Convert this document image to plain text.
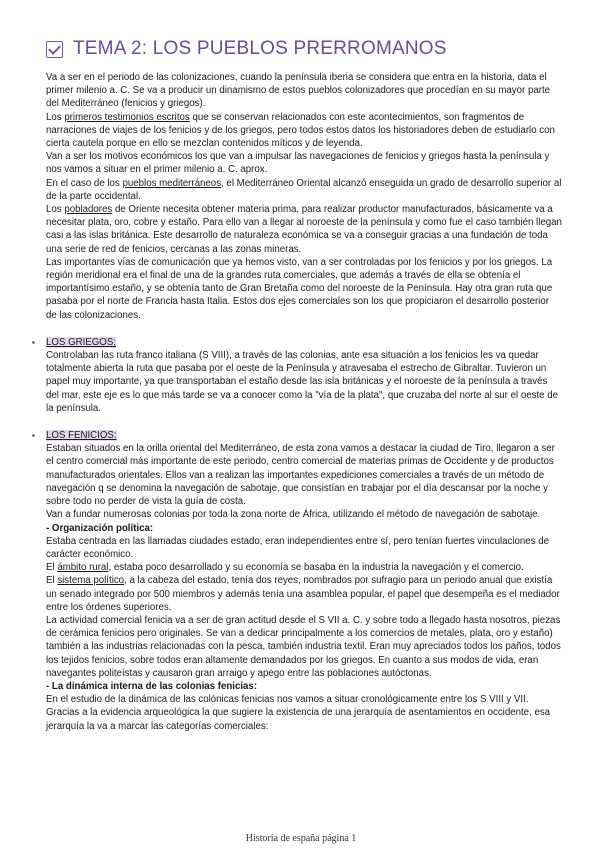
TEMA 2: LOS PUEBLOS PRERROMANOS

Va a ser en el periodo de las colonizaciones, cuando la península iberia se considera que entra en la historia, data el primer milenio a. C. Se va a producir un dinamismo de estos pueblos colonizadores que procedían en su mayor parte del Mediterráneo (fenicios y griegos).

Los primeros testimonios escritos que se conservan relacionados con este acontecimientos, son fragmentos de narraciones de viajes de los fenicios y de los griegos, pero todos estos datos los historiadores deben de estudiarlo con cierta cautela porque en ello se mezclan contenidos míticos y de leyenda.

Van a ser los motivos económicos los que van a impulsar las navegaciones de fenicios y griegos hasta la península y nos vamos a situar en el primer milenio a. C. aprox.

En el caso de los pueblos mediterráneos, el Mediterráneo Oriental alcanzó enseguida un grado de desarrollo superior al de la parte occidental.

Los pobladores de Oriente necesita obtener materia prima, para realizar productor manufacturados, básicamente va a necesitar plata, oro, cobre y estaño. Para ello van a llegar al noroeste de la península y como fue el caso también llegan casi a las islas británica. Este desarrollo de naturaleza económica se va a conseguir gracias a una fundación de toda una serie de red de fenicios, cercanas a las zonas mineras.

Las importantes vías de comunicación que ya hemos visto, van a ser controladas por los fenicios y por los griegos. La región meridional era el final de una de la grandes ruta comerciales, que además a través de ella se obtenía el importantísimo estaño, y se obtenía tanto de Gran Bretaña como del noroeste de la Península. Hay otra gran ruta que pasaba por el norte de Francia hasta Italia. Estos dos ejes comerciales son los que propiciaron el desarrollo posterior de las colonizaciones.

▪ LOS GRIEGOS:

Controlaban las ruta franco italiana (S VIII), a través de las colonias, ante esa situación a los fenicios les va quedar totalmente abierta la ruta que pasaba por el oeste de la Península y atravesaba el estrecho de Gibraltar. Tuvieron un papel muy importante, ya que transportaban el estaño desde las isla británicas y el noroeste de la península a través del mar, este eje es lo que más tarde se va a conocer como la "vía de la plata", que cruzaba del norte al sur el oeste de la península.

▪ LOS FENICIOS:

Estaban situados en la orilla oriental del Mediterráneo, de esta zona vamos a destacar la ciudad de Tiro, llegaron a ser el centro comercial más importante de este periodo, centro comercial de materias primas de Occidente y de productos manufacturados orientales. Ellos van a realizan las importantes expediciones comerciales a través de un método de navegación q se denomina la navegación de sabotaje, que consistían en trabajar por el día descansar por la noche y sobre todo no perder de vista la guía de costa.

Van a fundar numerosas colonias por toda la zona norte de África, utilizando el método de navegación de sabotaje.

- Organización política:

Estaba centrada en las llamadas ciudades estado, eran independientes entre sí, pero tenían fuertes vinculaciones de carácter económico.

El ámbito rural, estaba poco desarrollado y su economía se basaba en la industria la navegación y el comercio.

El sistema político, a la cabeza del estado, tenía dos reyes, nombrados por sufragio para un periodo anual que existía un senado integrado por 500 miembros y además tenía una asamblea popular, el papel que desempeña es el mediador entre los órdenes superiores.

La actividad comercial fenicia va a ser de gran actitud desde el S VII a. C. y sobre todo a llegado hasta nosotros, piezas de cerámica fenicios pero originales. Se van a dedicar principalmente a los comercios de metales, plata, oro y estaño) también a las industrias relacionadas con la pesca, también industria textil. Eran muy apreciados todos los paños, todos los tejidos fenicios, sobre todos eran altamente demandados por los griegos. En cuanto a sus modos de vida, eran navegantes politeístas y causaron gran arraigo y apego entre las poblaciones autóctonas.

- La dinámica interna de las colonias fenicias:

En el estudio de la dinámica de las colónicas fenicias nos vamos a situar cronológicamente entre los S VIII y VII. Gracias a la evidencia arqueológica la que sugiere la existencia de una jerarquía de asentamientos en occidente, esa jerarquía la va a marcar las categorías comerciales:

Historia de españa página 1
